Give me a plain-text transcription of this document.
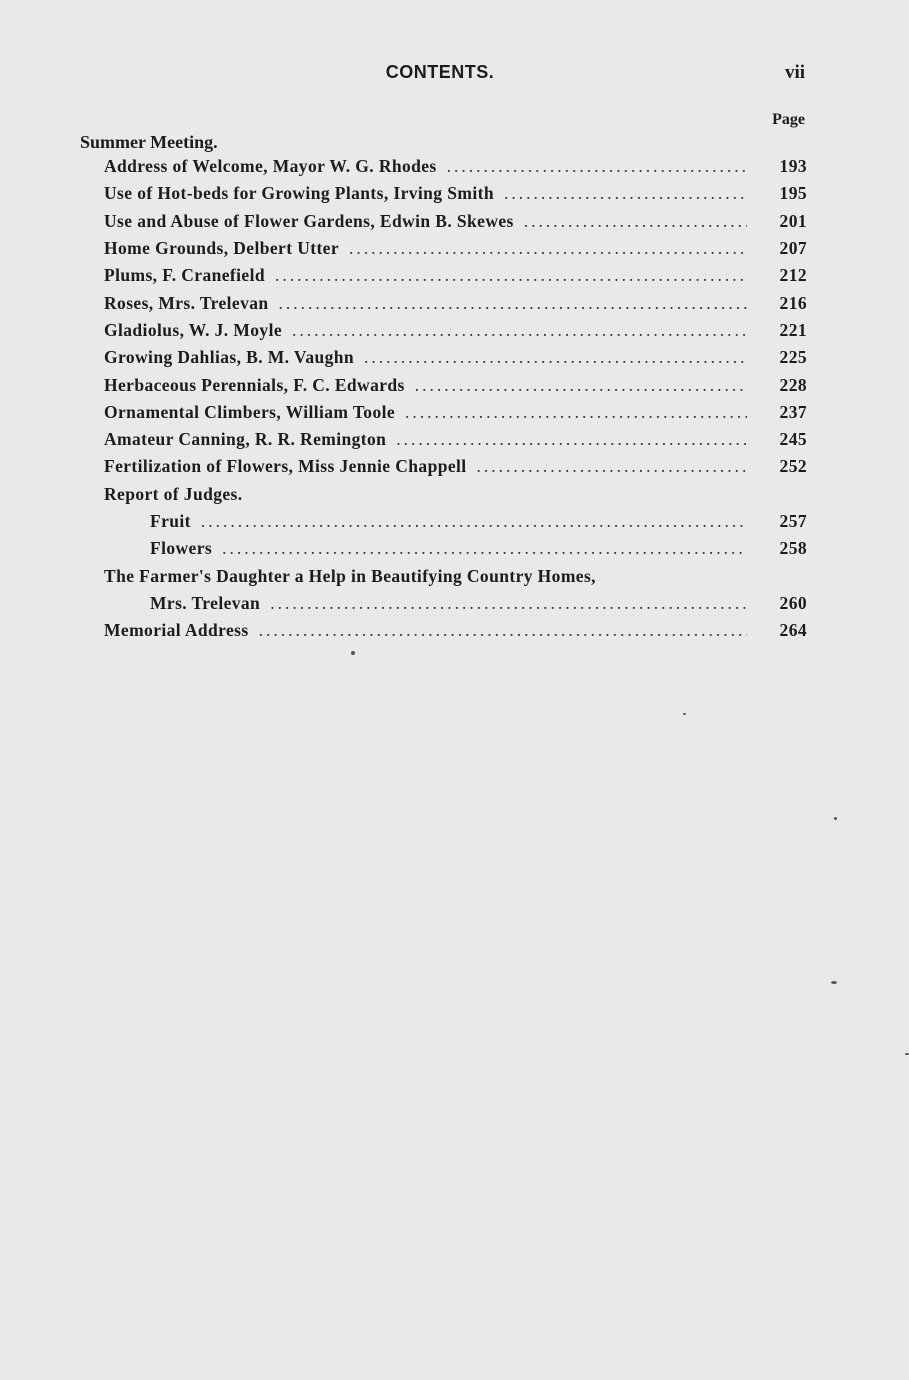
CONTENTS.	vii
Page
Summer Meeting.
Address of Welcome, Mayor W. G. Rhodes .....	193
Use of Hot-beds for Growing Plants, Irving Smith .....	195
Use and Abuse of Flower Gardens, Edwin B. Skewes .....	201
Home Grounds, Delbert Utter .....	207
Plums, F. Cranefield .....	212
Roses, Mrs. Trelevan .....	216
Gladiolus, W. J. Moyle .....	221
Growing Dahlias, B. M. Vaughn .....	225
Herbaceous Perennials, F. C. Edwards .....	228
Ornamental Climbers, William Toole .....	237
Amateur Canning, R. R. Remington .....	245
Fertilization of Flowers, Miss Jennie Chappell .....	252
Report of Judges.
Fruit .....	257
Flowers .....	258
The Farmer's Daughter a Help in Beautifying Country Homes,
Mrs. Trelevan .....	260
Memorial Address .....	264
